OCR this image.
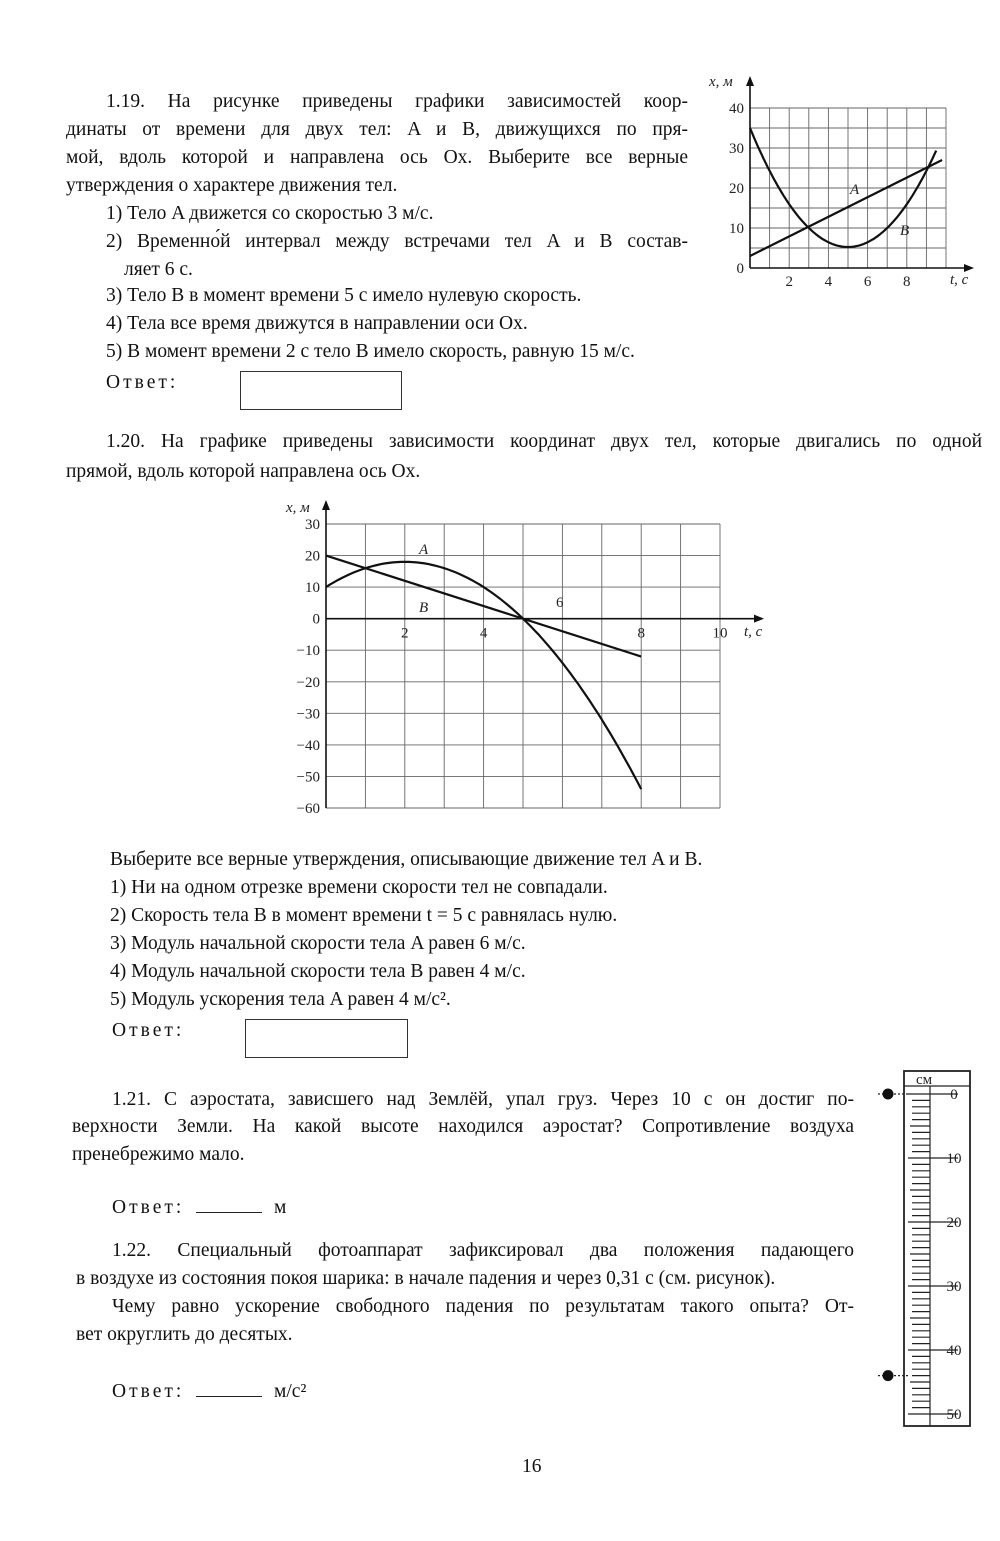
1.19. На рисунке приведены графики зависимостей коор-
динаты от времени для двух тел: A и B, движущихся по пря-
мой, вдоль которой и направлена ось Ox. Выберите все верные
утверждения о характере движения тел.
1) Тело A движется со скоростью 3 м/с.
2) Временно́й интервал между встречами тел A и B состав-
ляет 6 с.
3) Тело B в момент времени 5 с имело нулевую скорость.
4) Тела все время движутся в направлении оси Ox.
5) В момент времени 2 с тело B имело скорость, равную 15 м/с.
Ответ:
0
10
20
30
40
2 4 6 8
x, м
t, с
A
B
1.20. На графике приведены зависимости координат двух тел, которые двигались по одной
прямой, вдоль которой направлена ось Ox.
30
20
10
0
−10
−20
−30
−40
−50
−60
2	4	8	10
x, м
t, с
A
B	6
Выберите все верные утверждения, описывающие движение тел A и B.
1) Ни на одном отрезке времени скорости тел не совпадали.
2) Скорость тела B в момент времени t = 5 с равнялась нулю.
3) Модуль начальной скорости тела A равен 6 м/с.
4) Модуль начальной скорости тела B равен 4 м/с.
5) Модуль ускорения тела A равен 4 м/с².
Ответ:
1.21. С аэростата, зависшего над Землёй, упал груз. Через 10 с он достиг по-
верхности Земли. На какой высоте находился аэростат? Сопротивление воздуха
пренебрежимо мало.
Ответ:	м
1.22. Специальный фотоаппарат зафиксировал два положения падающего
в воздухе из состояния покоя шарика: в начале падения и через 0,31 с (см. рисунок).
Чему равно ускорение свободного падения по результатам такого опыта? От-
вет округлить до десятых.
Ответ:	м/с²
см
0
10
20
30
40
50
16
